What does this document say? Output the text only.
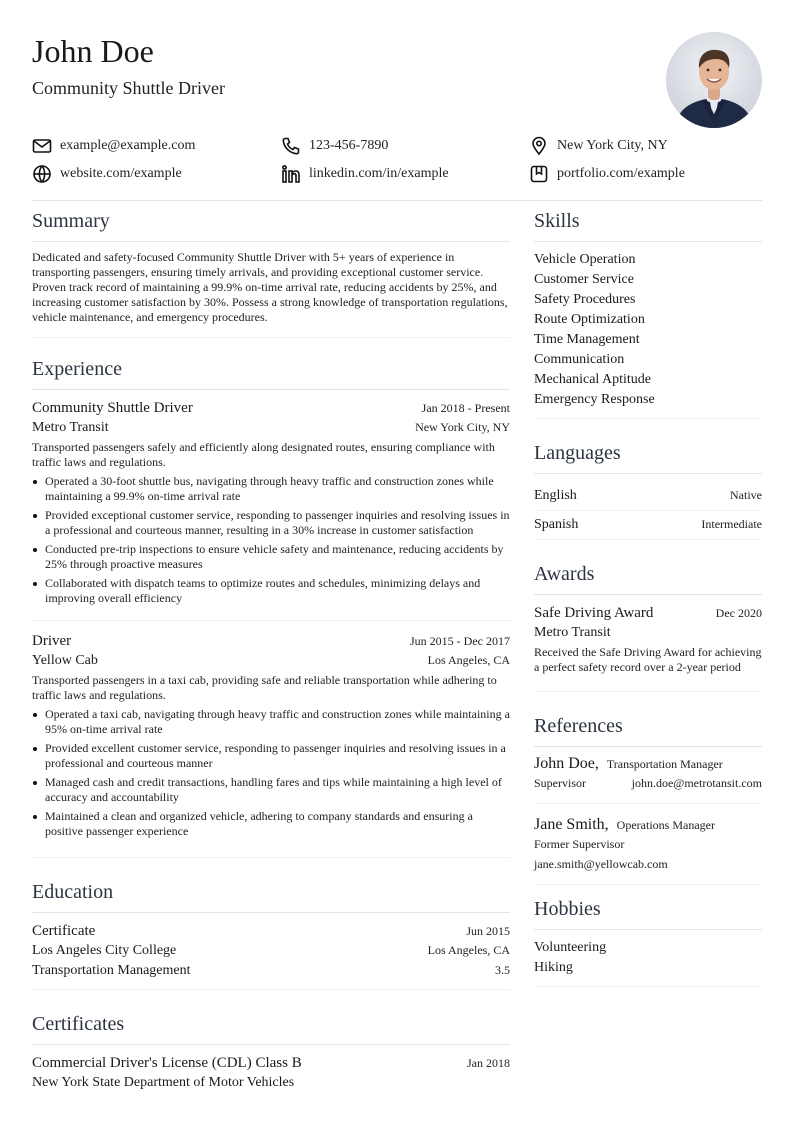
John Doe
Community Shuttle Driver
example@example.com	123-456-7890	New York City, NY
website.com/example	linkedin.com/in/example	portfolio.com/example
Summary
Dedicated and safety-focused Community Shuttle Driver with 5+ years of experience in transporting passengers, ensuring timely arrivals, and providing exceptional customer service. Proven track record of maintaining a 99.9% on-time arrival rate, reducing accidents by 25%, and increasing customer satisfaction by 30%. Possess a strong knowledge of transportation regulations, vehicle maintenance, and emergency procedures.
Experience
Community Shuttle Driver	Jan 2018 - Present
Metro Transit	New York City, NY
Transported passengers safely and efficiently along designated routes, ensuring compliance with traffic laws and regulations.
Operated a 30-foot shuttle bus, navigating through heavy traffic and construction zones while maintaining a 99.9% on-time arrival rate
Provided exceptional customer service, responding to passenger inquiries and resolving issues in a professional and courteous manner, resulting in a 30% increase in customer satisfaction
Conducted pre-trip inspections to ensure vehicle safety and maintenance, reducing accidents by 25% through proactive measures
Collaborated with dispatch teams to optimize routes and schedules, minimizing delays and improving overall efficiency
Driver	Jun 2015 - Dec 2017
Yellow Cab	Los Angeles, CA
Transported passengers in a taxi cab, providing safe and reliable transportation while adhering to traffic laws and regulations.
Operated a taxi cab, navigating through heavy traffic and construction zones while maintaining a 95% on-time arrival rate
Provided excellent customer service, responding to passenger inquiries and resolving issues in a professional and courteous manner
Managed cash and credit transactions, handling fares and tips while maintaining a high level of accuracy and accountability
Maintained a clean and organized vehicle, adhering to company standards and ensuring a positive passenger experience
Education
Certificate	Jun 2015
Los Angeles City College	Los Angeles, CA
Transportation Management	3.5
Certificates
Commercial Driver's License (CDL) Class B	Jan 2018
New York State Department of Motor Vehicles
Skills
Vehicle Operation
Customer Service
Safety Procedures
Route Optimization
Time Management
Communication
Mechanical Aptitude
Emergency Response
Languages
English	Native
Spanish	Intermediate
Awards
Safe Driving Award	Dec 2020
Metro Transit
Received the Safe Driving Award for achieving a perfect safety record over a 2-year period
References
John Doe, Transportation Manager
Supervisor	john.doe@metrotansit.com
Jane Smith, Operations Manager
Former Supervisor
jane.smith@yellowcab.com
Hobbies
Volunteering
Hiking
